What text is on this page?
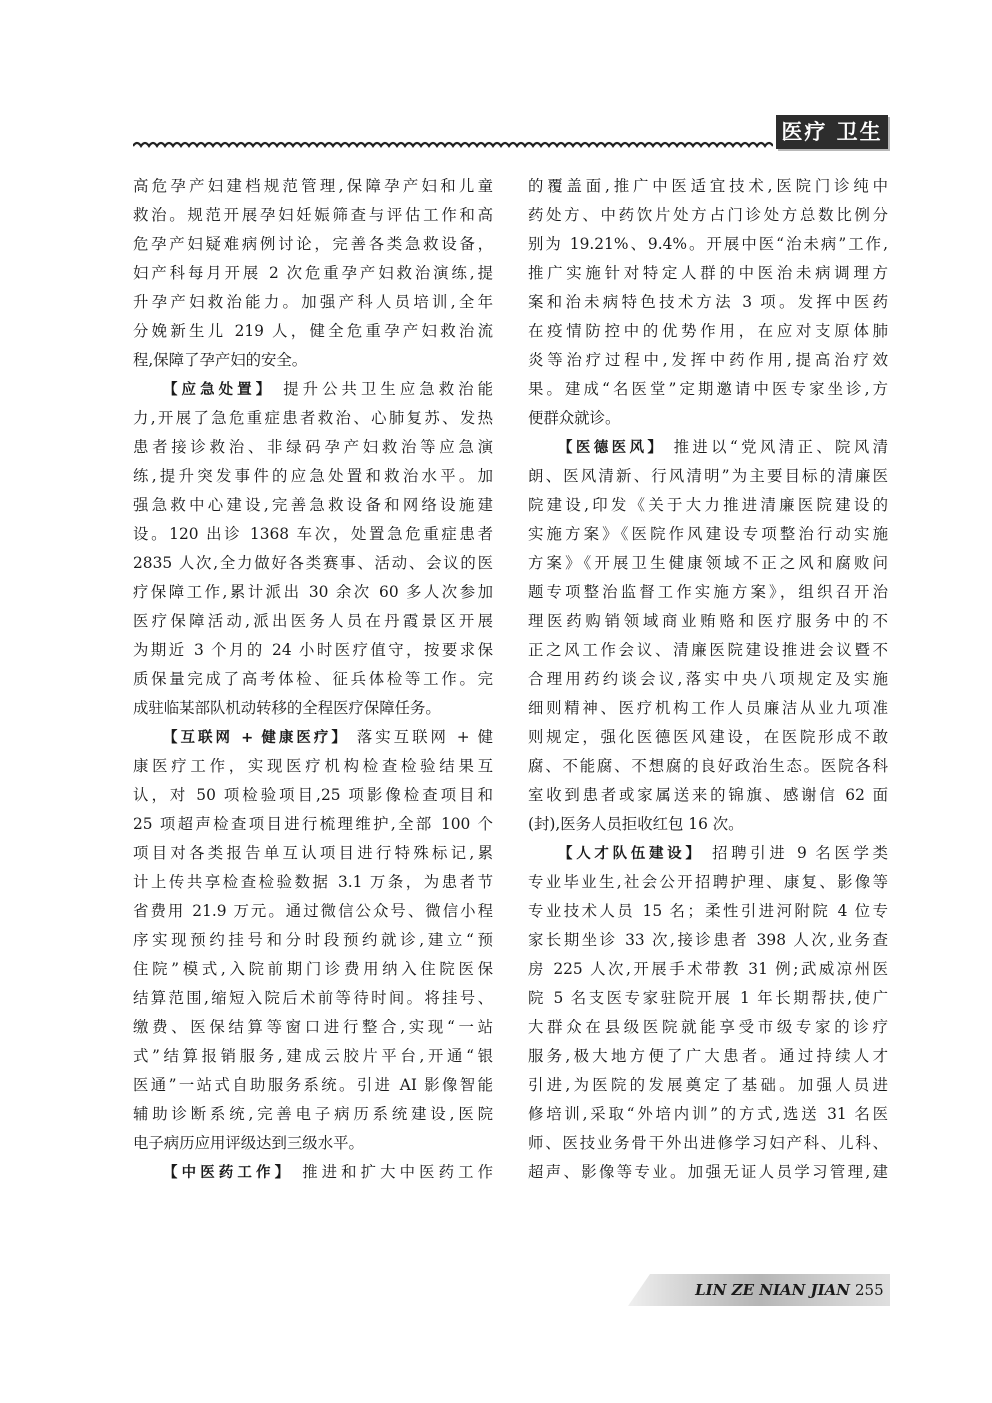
医疗 卫生
高危孕产妇建档规范管理,保障孕产妇和儿童
救治。规范开展孕妇妊娠筛查与评估工作和高
危孕产妇疑难病例讨论，完善各类急救设备，
妇产科每月开展 2 次危重孕产妇救治演练,提
升孕产妇救治能力。加强产科人员培训,全年
分娩新生儿 219 人，健全危重孕产妇救治流
程,保障了孕产妇的安全。
【应急处置】 提升公共卫生应急救治能
力,开展了急危重症患者救治、心肺复苏、发热
患者接诊救治、非绿码孕产妇救治等应急演
练,提升突发事件的应急处置和救治水平。加
强急救中心建设,完善急救设备和网络设施建
设。120 出诊 1368 车次，处置急危重症患者
2835 人次,全力做好各类赛事、活动、会议的医
疗保障工作,累计派出 30 余次 60 多人次参加
医疗保障活动,派出医务人员在丹霞景区开展
为期近 3 个月的 24 小时医疗值守，按要求保
质保量完成了高考体检、征兵体检等工作。完
成驻临某部队机动转移的全程医疗保障任务。
【互联网 + 健康医疗】 落实互联网 + 健
康医疗工作，实现医疗机构检查检验结果互
认，对 50 项检验项目,25 项影像检查项目和
25 项超声检查项目进行梳理维护,全部 100 个
项目对各类报告单互认项目进行特殊标记,累
计上传共享检查检验数据 3.1 万条，为患者节
省费用 21.9 万元。通过微信公众号、微信小程
序实现预约挂号和分时段预约就诊,建立“预
住院”模式,入院前期门诊费用纳入住院医保
结算范围,缩短入院后术前等待时间。将挂号、
缴费、医保结算等窗口进行整合,实现“一站
式”结算报销服务,建成云胶片平台,开通“银
医通”一站式自助服务系统。引进 AI 影像智能
辅助诊断系统,完善电子病历系统建设,医院
电子病历应用评级达到三级水平。
【中医药工作】 推进和扩大中医药工作
的覆盖面,推广中医适宜技术,医院门诊纯中
药处方、中药饮片处方占门诊处方总数比例分
别为 19.21%、9.4%。开展中医“治未病”工作,
推广实施针对特定人群的中医治未病调理方
案和治未病特色技术方法 3 项。发挥中医药
在疫情防控中的优势作用，在应对支原体肺
炎等治疗过程中,发挥中药作用,提高治疗效
果。建成“名医堂”定期邀请中医专家坐诊,方
便群众就诊。
【医德医风】 推进以“党风清正、院风清
朗、医风清新、行风清明”为主要目标的清廉医
院建设,印发《关于大力推进清廉医院建设的
实施方案》《医院作风建设专项整治行动实施
方案》《开展卫生健康领域不正之风和腐败问
题专项整治监督工作实施方案》，组织召开治
理医药购销领域商业贿赂和医疗服务中的不
正之风工作会议、清廉医院建设推进会议暨不
合理用药约谈会议,落实中央八项规定及实施
细则精神、医疗机构工作人员廉洁从业九项准
则规定，强化医德医风建设，在医院形成不敢
腐、不能腐、不想腐的良好政治生态。医院各科
室收到患者或家属送来的锦旗、感谢信 62 面
(封),医务人员拒收红包 16 次。
【人才队伍建设】 招聘引进 9 名医学类
专业毕业生,社会公开招聘护理、康复、影像等
专业技术人员 15 名；柔性引进河附院 4 位专
家长期坐诊 33 次,接诊患者 398 人次,业务查
房 225 人次,开展手术带教 31 例;武威凉州医
院 5 名支医专家驻院开展 1 年长期帮扶,使广
大群众在县级医院就能享受市级专家的诊疗
服务,极大地方便了广大患者。通过持续人才
引进,为医院的发展奠定了基础。加强人员进
修培训,采取“外培内训”的方式,选送 31 名医
师、医技业务骨干外出进修学习妇产科、儿科、
超声、影像等专业。加强无证人员学习管理,建
LIN ZE NIAN JIAN 255
